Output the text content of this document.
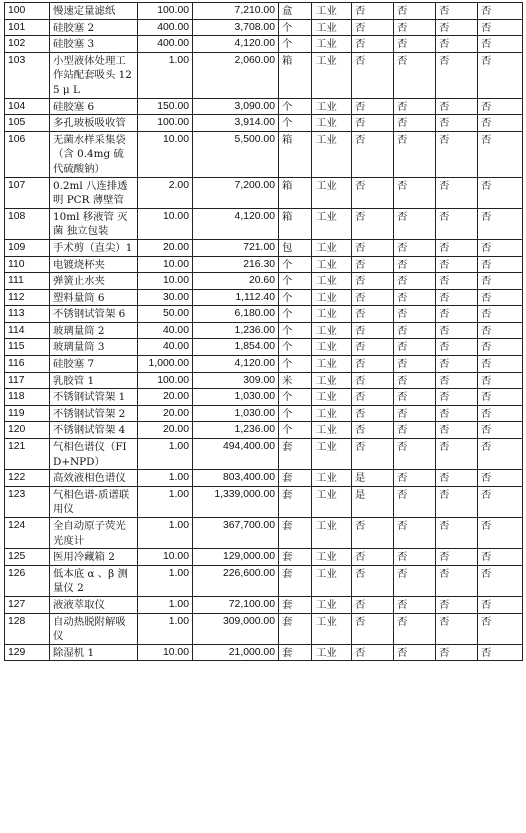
100	慢速定量滤纸	100.00	7,210.00	盒	工业	否	否	否	否
101	硅胶塞 2	400.00	3,708.00	个	工业	否	否	否	否
102	硅胶塞 3	400.00	4,120.00	个	工业	否	否	否	否
103	小型液体处理工作站配套吸头 125 μ L	1.00	2,060.00	箱	工业	否	否	否	否
104	硅胶塞 6	150.00	3,090.00	个	工业	否	否	否	否
105	多孔玻板吸收管	100.00	3,914.00	个	工业	否	否	否	否
106	无菌水样采集袋（含 0.4mg 硫代硫酸钠）	10.00	5,500.00	箱	工业	否	否	否	否
107	0.2ml 八连排透明 PCR 薄壁管	2.00	7,200.00	箱	工业	否	否	否	否
108	10ml 移液管 灭菌 独立包装	10.00	4,120.00	箱	工业	否	否	否	否
109	手术剪（直尖）1	20.00	721.00	包	工业	否	否	否	否
110	电镀烧杯夹	10.00	216.30	个	工业	否	否	否	否
111	弹簧止水夹	10.00	20.60	个	工业	否	否	否	否
112	塑料量筒 6	30.00	1,112.40	个	工业	否	否	否	否
113	不锈钢试管架 6	50.00	6,180.00	个	工业	否	否	否	否
114	玻璃量筒 2	40.00	1,236.00	个	工业	否	否	否	否
115	玻璃量筒 3	40.00	1,854.00	个	工业	否	否	否	否
116	硅胶塞 7	1,000.00	4,120.00	个	工业	否	否	否	否
117	乳胶管 1	100.00	309.00	米	工业	否	否	否	否
118	不锈钢试管架 1	20.00	1,030.00	个	工业	否	否	否	否
119	不锈钢试管架 2	20.00	1,030.00	个	工业	否	否	否	否
120	不锈钢试管架 4	20.00	1,236.00	个	工业	否	否	否	否
121	气相色谱仪（FID+NPD）	1.00	494,400.00	套	工业	否	否	否	否
122	高效液相色谱仪	1.00	803,400.00	套	工业	是	否	否	否
123	气相色谱-质谱联用仪	1.00	1,339,000.00	套	工业	是	否	否	否
124	全自动原子荧光光度计	1.00	367,700.00	套	工业	否	否	否	否
125	医用冷藏箱 2	10.00	129,000.00	套	工业	否	否	否	否
126	低本底 α 、β 测量仪 2	1.00	226,600.00	套	工业	否	否	否	否
127	液液萃取仪	1.00	72,100.00	套	工业	否	否	否	否
128	自动热脱附解吸仪	1.00	309,000.00	套	工业	否	否	否	否
129	除湿机 1	10.00	21,000.00	套	工业	否	否	否	否
